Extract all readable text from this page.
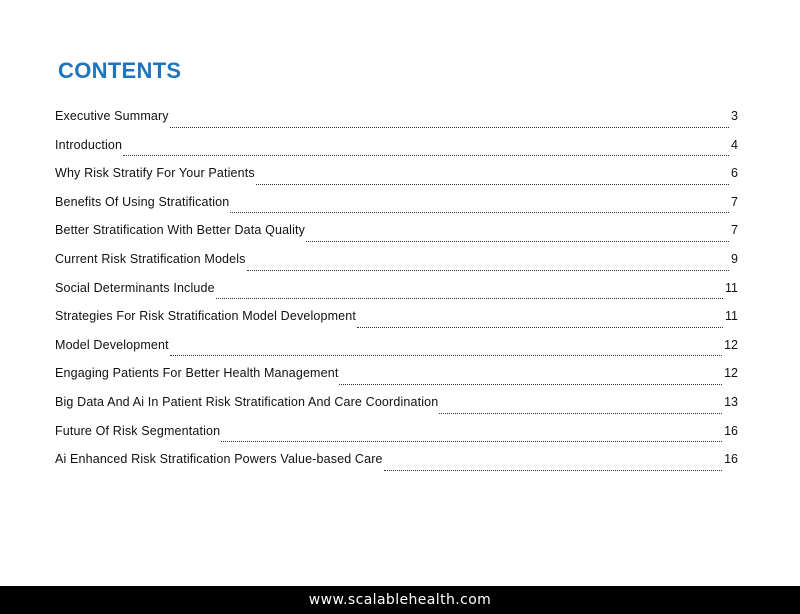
CONTENTS
Executive Summary	3
Introduction	4
Why Risk Stratify For Your Patients	6
Benefits Of Using Stratification	7
Better Stratification With Better Data Quality	7
Current Risk Stratification Models	9
Social Determinants Include	11
Strategies For Risk Stratification Model Development	11
Model Development	12
Engaging Patients For Better Health Management	12
Big Data And Ai In Patient Risk Stratification And Care Coordination	13
Future Of Risk Segmentation	16
Ai Enhanced Risk Stratification Powers Value-based Care	16
www.scalablehealth.com
